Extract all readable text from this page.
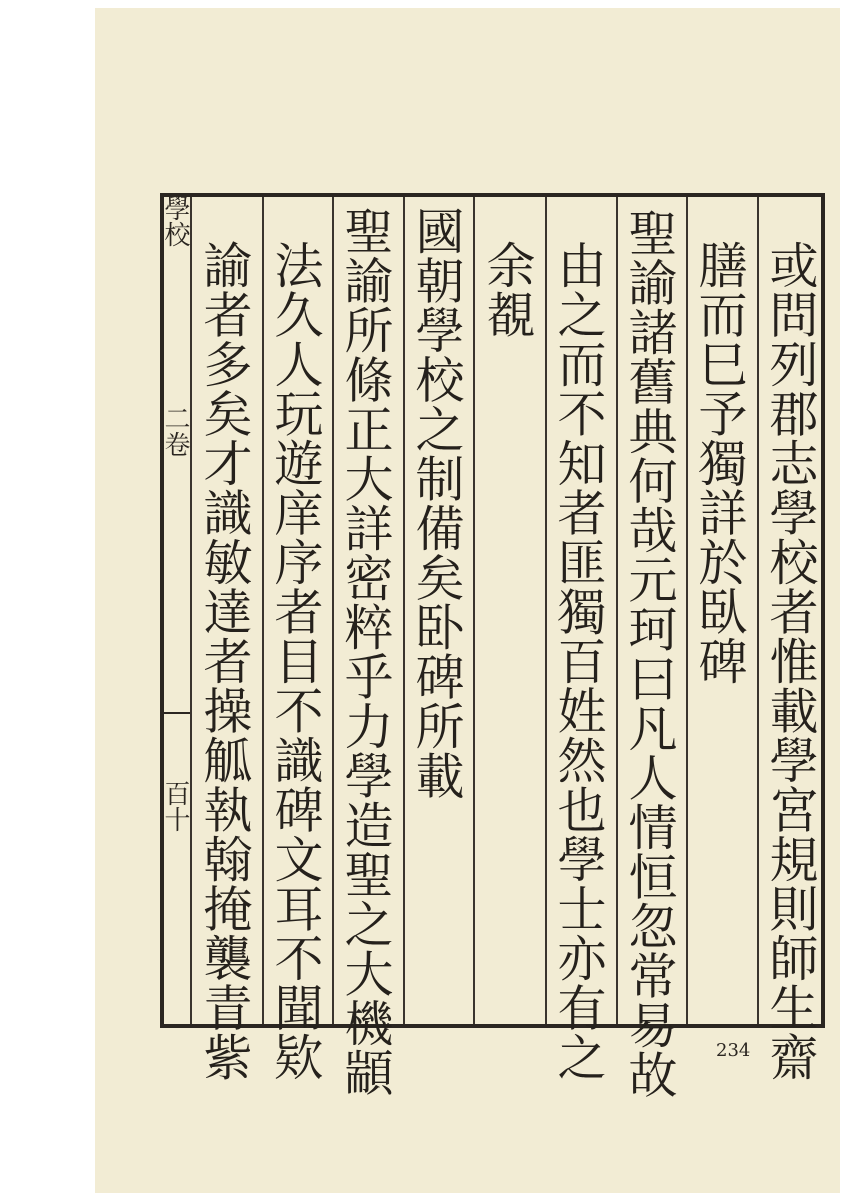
學校
二卷
百十	或問列郡志學校者惟載學宮規則師生齋
膳而巳予獨詳於臥碑
聖諭諸舊典何哉元珂曰凡人情恒忽常易故
由之而不知者匪獨百姓然也學士亦有之
余覩
國朝學校之制備矣卧碑所載
聖諭所條正大詳密粹乎力學造聖之大機顓
法久人玩遊庠序者目不識碑文耳不聞欵
諭者多矣才識敏達者操觚執翰掩襲青紫	234
